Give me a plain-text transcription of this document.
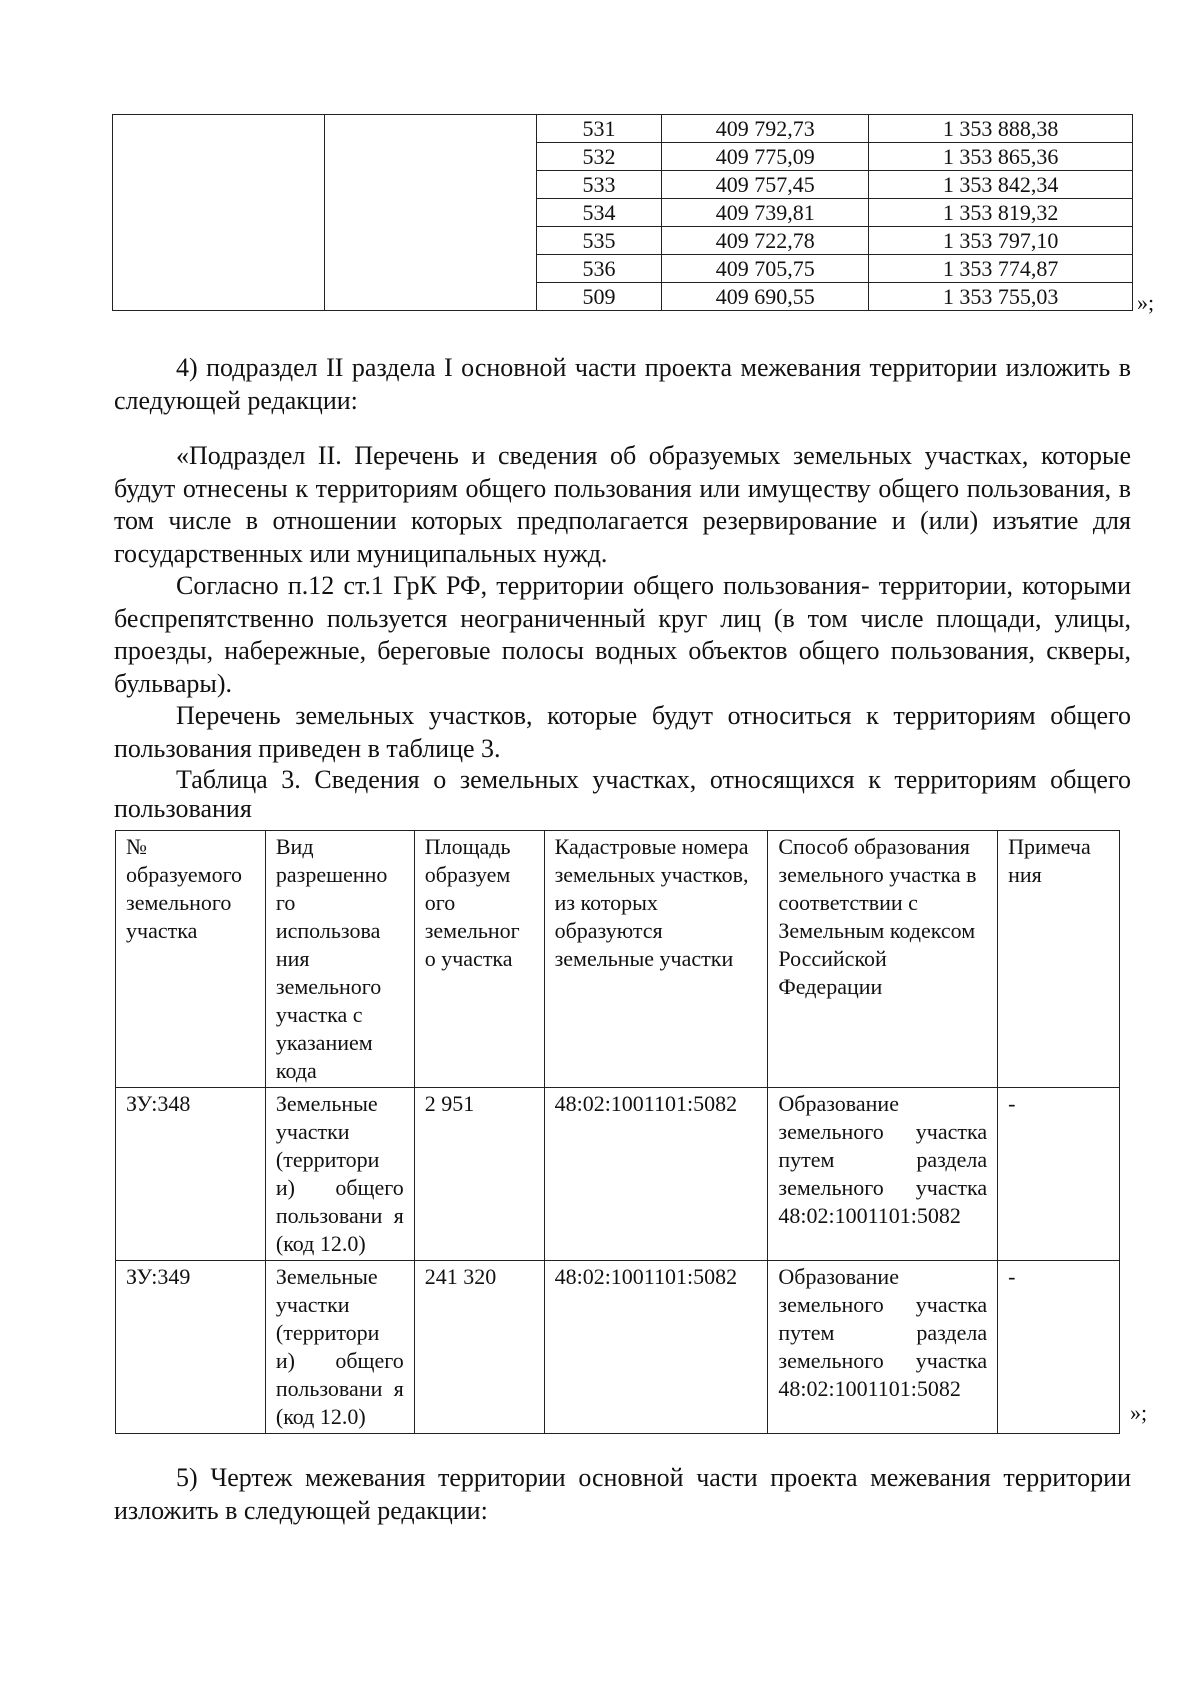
		531	409 792,73	1 353 888,38
		532	409 775,09	1 353 865,36
		533	409 757,45	1 353 842,34
		534	409 739,81	1 353 819,32
		535	409 722,78	1 353 797,10
		536	409 705,75	1 353 774,87
		509	409 690,55	1 353 755,03	»;

4) подраздел II раздела I основной части проекта межевания территории изложить в следующей редакции:

«Подраздел II. Перечень и сведения об образуемых земельных участках, которые будут отнесены к территориям общего пользования или имуществу общего пользования, в том числе в отношении которых предполагается резервирование и (или) изъятие для государственных или муниципальных нужд.

Согласно п.12 ст.1 ГрК РФ, территории общего пользования- территории, которыми беспрепятственно пользуется неограниченный круг лиц (в том числе площади, улицы, проезды, набережные, береговые полосы водных объектов общего пользования, скверы, бульвары).

Перечень земельных участков, которые будут относиться к территориям общего пользования приведен в таблице 3.

Таблица 3. Сведения о земельных участках, относящихся к территориям общего пользования

№ образуемого земельного участка	Вид разрешенно го использова ния земельного участка с указанием кода	Площадь образуем ого земельног о участка	Кадастровые номера земельных участков, из которых образуются земельные участки	Способ образования земельного участка в соответствии с Земельным кодексом Российской Федерации	Примеча ния
ЗУ:348	Земельные участки (территори и) общего пользовани я (код 12.0)	2 951	48:02:1001101:5082	Образование земельного участка путем раздела земельного участка 48:02:1001101:5082	-
ЗУ:349	Земельные участки (территори и) общего пользовани я (код 12.0)	241 320	48:02:1001101:5082	Образование земельного участка путем раздела земельного участка 48:02:1001101:5082	-
»;

5) Чертеж межевания территории основной части проекта межевания территории изложить в следующей редакции:
